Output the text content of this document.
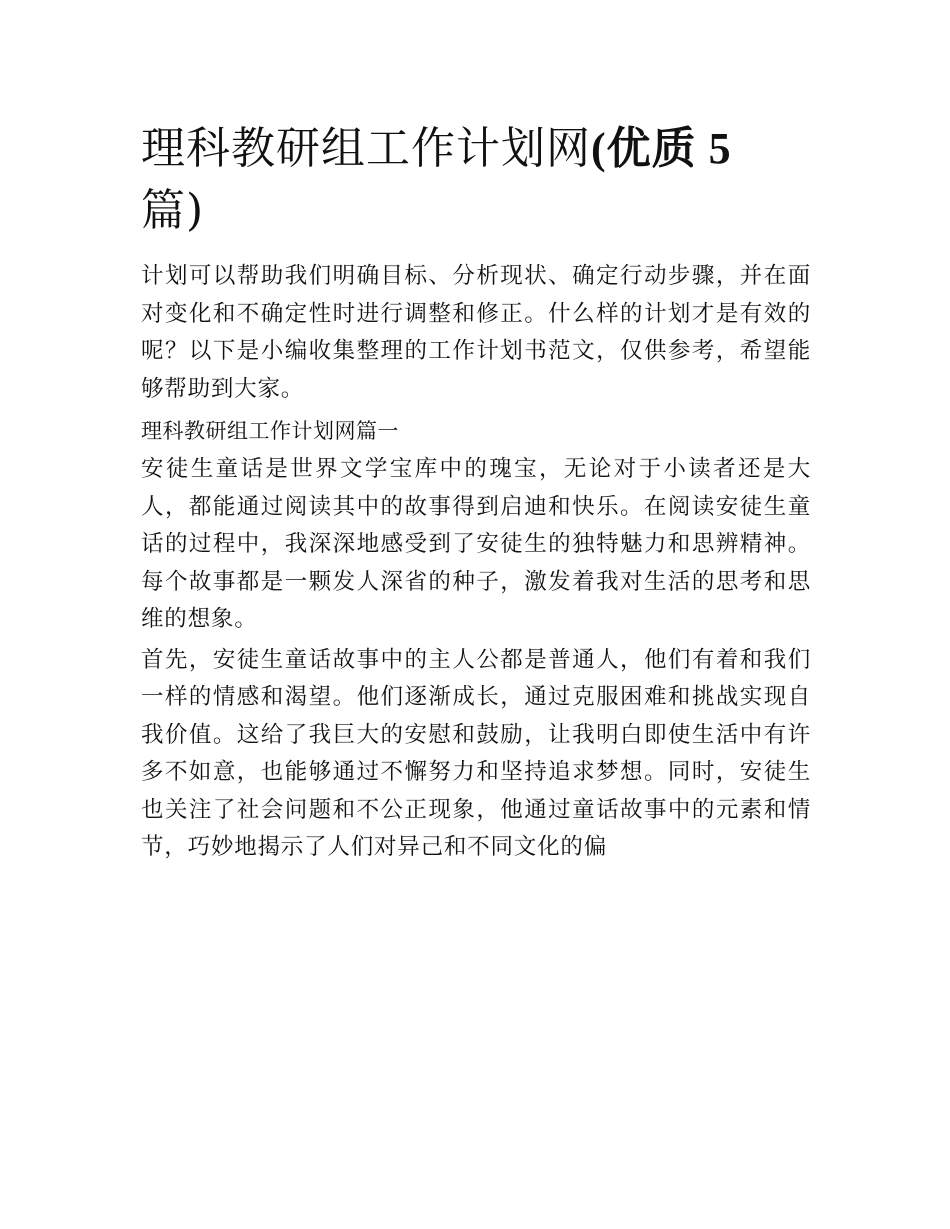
理科教研组工作计划网(优质 5
篇)

计划可以帮助我们明确目标、分析现状、确定行动步骤，并在面对变化和不确定性时进行调整和修正。什么样的计划才是有效的呢？以下是小编收集整理的工作计划书范文，仅供参考，希望能够帮助到大家。

理科教研组工作计划网篇一

安徒生童话是世界文学宝库中的瑰宝，无论对于小读者还是大人，都能通过阅读其中的故事得到启迪和快乐。在阅读安徒生童话的过程中，我深深地感受到了安徒生的独特魅力和思辨精神。每个故事都是一颗发人深省的种子，激发着我对生活的思考和思维的想象。

首先，安徒生童话故事中的主人公都是普通人，他们有着和我们一样的情感和渴望。他们逐渐成长，通过克服困难和挑战实现自我价值。这给了我巨大的安慰和鼓励，让我明白即使生活中有许多不如意，也能够通过不懈努力和坚持追求梦想。同时，安徒生也关注了社会问题和不公正现象，他通过童话故事中的元素和情节，巧妙地揭示了人们对异己和不同文化的偏
